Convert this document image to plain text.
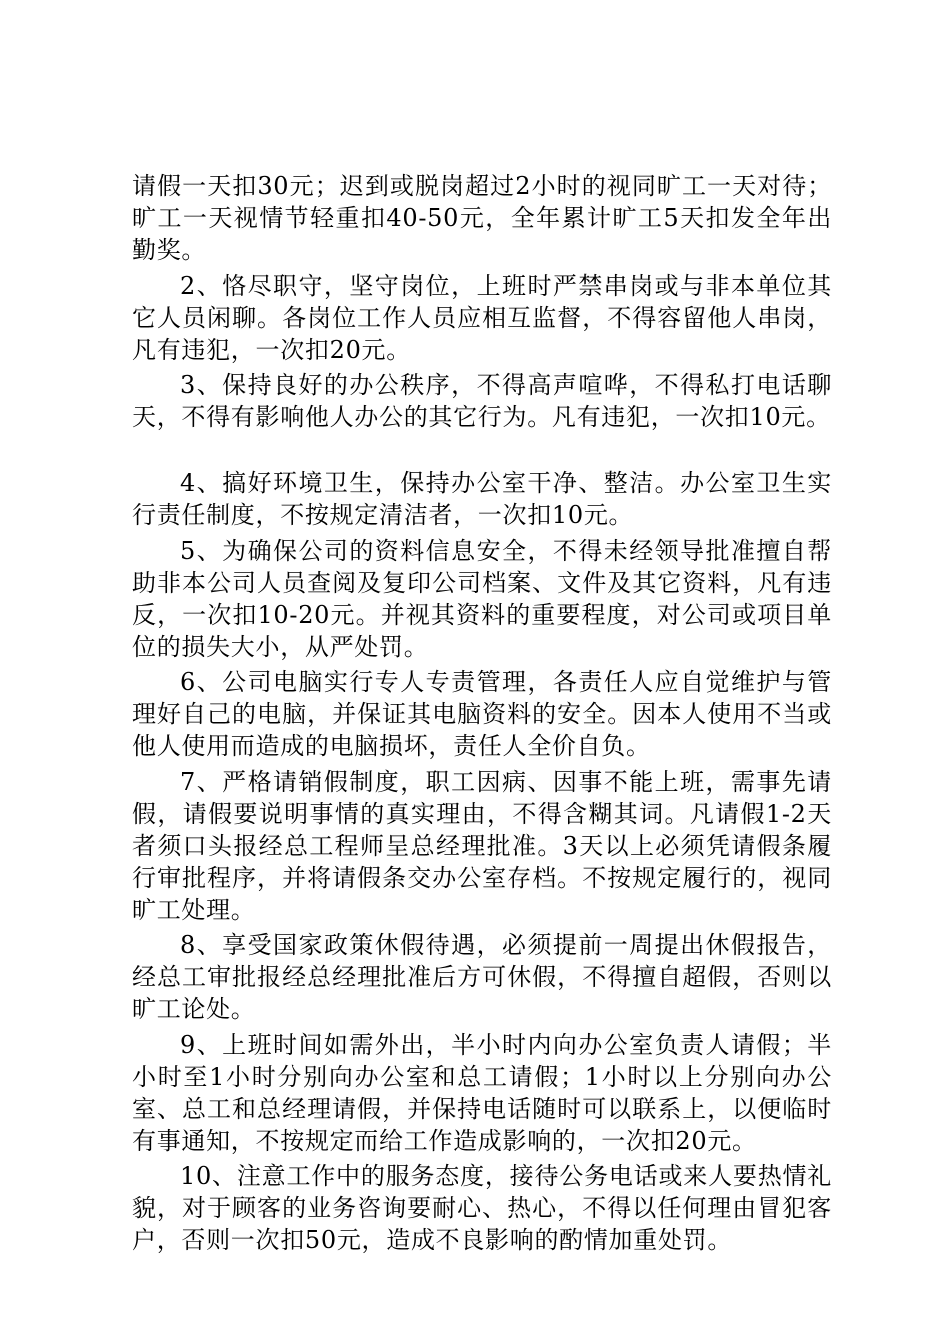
请假一天扣30元；迟到或脱岗超过2小时的视同旷工一天对待；旷工一天视情节轻重扣40-50元，全年累计旷工5天扣发全年出勤奖。

2、恪尽职守，坚守岗位，上班时严禁串岗或与非本单位其它人员闲聊。各岗位工作人员应相互监督，不得容留他人串岗，凡有违犯，一次扣20元。

3、保持良好的办公秩序，不得高声喧哗，不得私打电话聊天，不得有影响他人办公的其它行为。凡有违犯，一次扣10元。

4、搞好环境卫生，保持办公室干净、整洁。办公室卫生实行责任制度，不按规定清洁者，一次扣10元。

5、为确保公司的资料信息安全，不得未经领导批准擅自帮助非本公司人员查阅及复印公司档案、文件及其它资料，凡有违反，一次扣10-20元。并视其资料的重要程度，对公司或项目单位的损失大小，从严处罚。

6、公司电脑实行专人专责管理，各责任人应自觉维护与管理好自己的电脑，并保证其电脑资料的安全。因本人使用不当或他人使用而造成的电脑损坏，责任人全价自负。

7、严格请销假制度，职工因病、因事不能上班，需事先请假，请假要说明事情的真实理由，不得含糊其词。凡请假1-2天者须口头报经总工程师呈总经理批准。3天以上必须凭请假条履行审批程序，并将请假条交办公室存档。不按规定履行的，视同旷工处理。

8、享受国家政策休假待遇，必须提前一周提出休假报告，经总工审批报经总经理批准后方可休假，不得擅自超假，否则以旷工论处。

9、上班时间如需外出，半小时内向办公室负责人请假；半小时至1小时分别向办公室和总工请假；1小时以上分别向办公室、总工和总经理请假，并保持电话随时可以联系上，以便临时有事通知，不按规定而给工作造成影响的，一次扣20元。

10、注意工作中的服务态度，接待公务电话或来人要热情礼貌，对于顾客的业务咨询要耐心、热心，不得以任何理由冒犯客户，否则一次扣50元，造成不良影响的酌情加重处罚。
